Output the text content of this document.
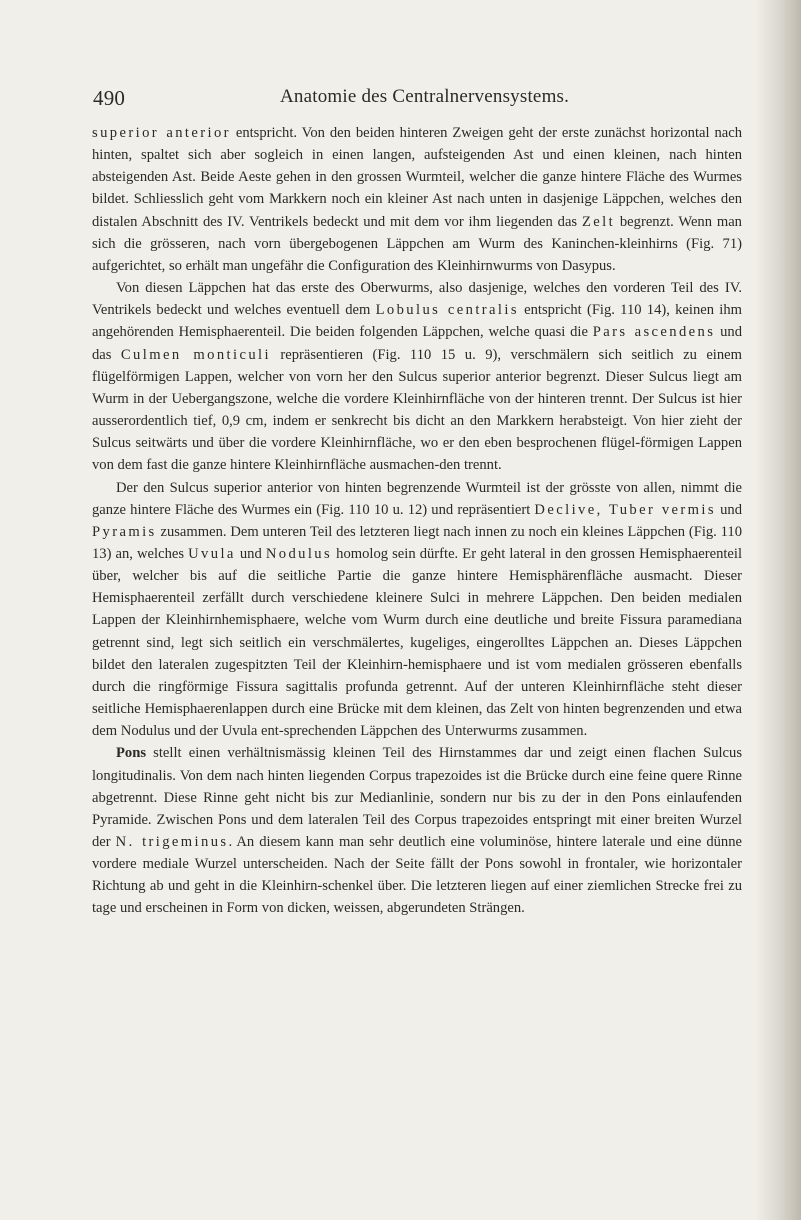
490	Anatomie des Centralnervensystems.

superior anterior entspricht. Von den beiden hinteren Zweigen geht der erste zunächst horizontal nach hinten, spaltet sich aber sogleich in einen langen, aufsteigenden Ast und einen kleinen, nach hinten absteigenden Ast. Beide Aeste gehen in den grossen Wurmteil, welcher die ganze hintere Fläche des Wurmes bildet. Schliesslich geht vom Markkern noch ein kleiner Ast nach unten in dasjenige Läppchen, welches den distalen Abschnitt des IV. Ventrikels bedeckt und mit dem vor ihm liegenden das Zelt begrenzt. Wenn man sich die grösseren, nach vorn übergebogenen Läppchen am Wurm des Kaninchen-kleinhirns (Fig. 71) aufgerichtet, so erhält man ungefähr die Configuration des Kleinhirnwurms von Dasypus.

Von diesen Läppchen hat das erste des Oberwurms, also dasjenige, welches den vorderen Teil des IV. Ventrikels bedeckt und welches eventuell dem Lobulus centralis entspricht (Fig. 110 14), keinen ihm angehörenden Hemisphaerenteil. Die beiden folgenden Läppchen, welche quasi die Pars ascendens und das Culmen monticuli repräsentieren (Fig. 110 15 u. 9), verschmälern sich seitlich zu einem flügelförmigen Lappen, welcher von vorn her den Sulcus superior anterior begrenzt. Dieser Sulcus liegt am Wurm in der Uebergangszone, welche die vordere Kleinhirnfläche von der hinteren trennt. Der Sulcus ist hier ausserordentlich tief, 0,9 cm, indem er senkrecht bis dicht an den Markkern herabsteigt. Von hier zieht der Sulcus seitwärts und über die vordere Kleinhirnfläche, wo er den eben besprochenen flügel-förmigen Lappen von dem fast die ganze hintere Kleinhirnfläche ausmachen-den trennt.

Der den Sulcus superior anterior von hinten begrenzende Wurmteil ist der grösste von allen, nimmt die ganze hintere Fläche des Wurmes ein (Fig. 110 10 u. 12) und repräsentiert Declive, Tuber vermis und Pyramis zusammen. Dem unteren Teil des letzteren liegt nach innen zu noch ein kleines Läppchen (Fig. 110 13) an, welches Uvula und Nodulus homolog sein dürfte. Er geht lateral in den grossen Hemisphaerenteil über, welcher bis auf die seitliche Partie die ganze hintere Hemisphärenfläche ausmacht. Dieser Hemisphaerenteil zerfällt durch verschiedene kleinere Sulci in mehrere Läppchen. Den beiden medialen Lappen der Kleinhirnhemisphaere, welche vom Wurm durch eine deutliche und breite Fissura paramediana getrennt sind, legt sich seitlich ein verschmälertes, kugeliges, eingerolltes Läppchen an. Dieses Läppchen bildet den lateralen zugespitzten Teil der Kleinhirn-hemisphaere und ist vom medialen grösseren ebenfalls durch die ringförmige Fissura sagittalis profunda getrennt. Auf der unteren Kleinhirnfläche steht dieser seitliche Hemisphaerenlappen durch eine Brücke mit dem kleinen, das Zelt von hinten begrenzenden und etwa dem Nodulus und der Uvula ent-sprechenden Läppchen des Unterwurms zusammen.

Pons stellt einen verhältnismässig kleinen Teil des Hirnstammes dar und zeigt einen flachen Sulcus longitudinalis. Von dem nach hinten liegenden Corpus trapezoides ist die Brücke durch eine feine quere Rinne abgetrennt. Diese Rinne geht nicht bis zur Medianlinie, sondern nur bis zu der in den Pons einlaufenden Pyramide. Zwischen Pons und dem lateralen Teil des Corpus trapezoides entspringt mit einer breiten Wurzel der N. trigeminus. An diesem kann man sehr deutlich eine voluminöse, hintere laterale und eine dünne vordere mediale Wurzel unterscheiden. Nach der Seite fällt der Pons sowohl in frontaler, wie horizontaler Richtung ab und geht in die Kleinhirn-schenkel über. Die letzteren liegen auf einer ziemlichen Strecke frei zu tage und erscheinen in Form von dicken, weissen, abgerundeten Strängen.
